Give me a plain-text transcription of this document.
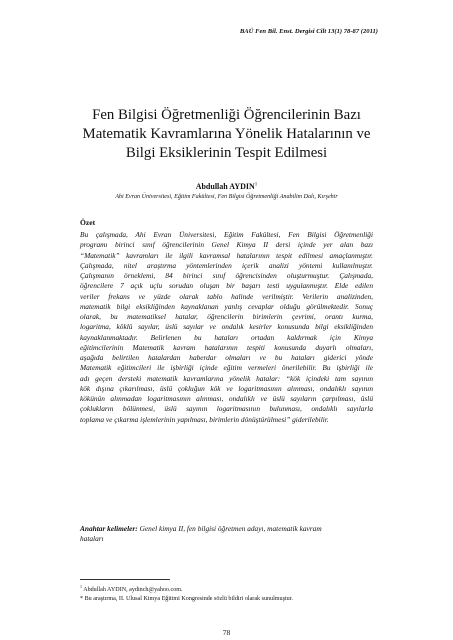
BAÜ Fen Bil. Enst. Dergisi Cilt 13(1) 78-87 (2011)
Fen Bilgisi Öğretmenliği Öğrencilerinin Bazı
Matematik Kavramlarına Yönelik Hatalarının ve
Bilgi Eksiklerinin Tespit Edilmesi
Abdullah AYDIN$^1$
Ahi Evran Üniversitesi, Eğitim Fakültesi, Fen Bilgisi Öğretmenliği Anabilim Dalı, Kırşehir
Özet
Bu çalışmada, Ahi Evran Üniversitesi, Eğitim Fakültesi, Fen Bilgisi Öğretmenliği
programı birinci sınıf öğrencilerinin Genel Kimya II dersi içinde yer alan bazı
“Matematik” kavramları ile ilgili kavramsal hatalarının tespit edilmesi amaçlanmıştır.
Çalışmada, nitel araştırma yöntemlerinden içerik analizi yöntemi kullanılmıştır.
Çalışmanın örneklemi, 84 birinci sınıf öğrencisinden oluşturmuştur. Çalışmada,
öğrencilere 7 açık uçlu sorudan oluşan bir başarı testi uygulanmıştır. Elde edilen
veriler frekans ve yüzde olarak tablo halinde verilmiştir. Verilerin analizinden,
matematik bilgi eksikliğinden kaynaklanan yanlış cevaplar olduğu görülmektedir. Sonuç
olarak, bu matematiksel hatalar, öğrencilerin birimlerin çevrimi, orantı kurma,
logaritma, köklü sayılar, üslü sayılar ve ondalık kesirler konusunda bilgi eksikliğinden
kaynaklanmaktadır. Belirlenen bu hataları ortadan kaldırmak için Kimya
eğitimcilerinin Matematik kavram hatalarının tespiti konusunda duyarlı olmaları,
aşağıda belirtilen hatalardan haberdar olmaları ve bu hataları giderici yönde
Matematik eğitimcileri ile işbirliği içinde eğitim vermeleri önerilebilir. Bu işbirliği ile
adı geçen dersteki matematik kavramlarına yönelik hatalar: “kök içindeki tam sayının
kök dışına çıkarılması, üslü çokluğun kök ve logaritmasının alınması, ondalıklı sayının
kökünün alınmadan logaritmasının alınması, ondalıklı ve üslü sayıların çarpılması, üslü
çoklukların bölünmesi, üslü sayının logaritmasının bulunması, ondalıklı sayılarla
toplama ve çıkarma işlemlerinin yapılması, birimlerin dönüştürülmesi” giderilebilir.
Anahtar kelimeler: Genel kimya II, fen bilgisi öğretmen adayı, matematik kavram
hataları
$^1$ Abdullah AYDIN, aydinch@yahoo.com.
* Bu araştırma, II. Ulusal Kimya Eğitimi Kongresinde sözlü bildiri olarak sunulmuştur.
78
